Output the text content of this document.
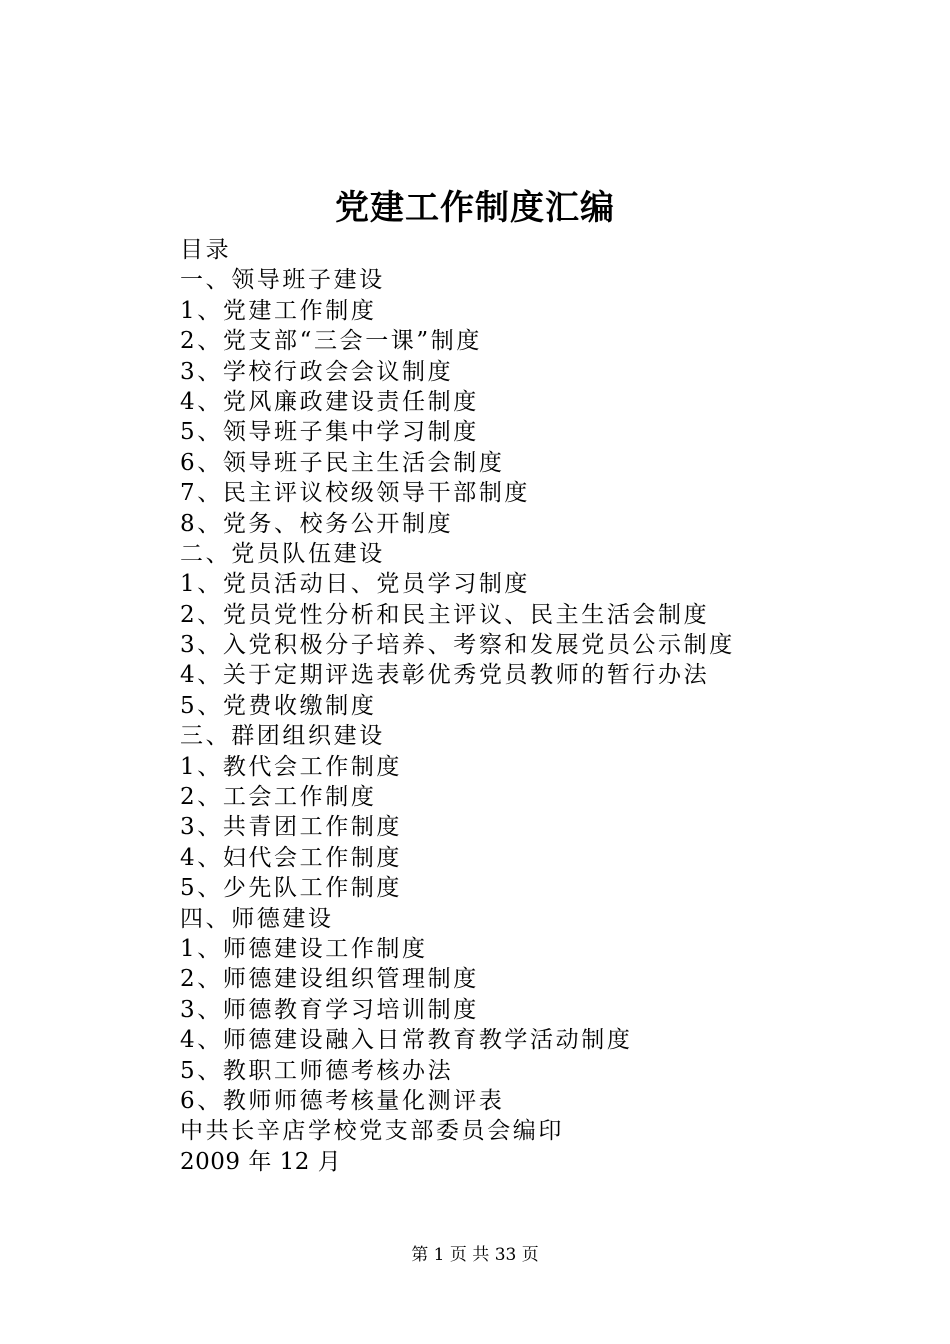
党建工作制度汇编
目录
一、领导班子建设
1、党建工作制度
2、党支部“三会一课”制度
3、学校行政会会议制度
4、党风廉政建设责任制度
5、领导班子集中学习制度
6、领导班子民主生活会制度
7、民主评议校级领导干部制度
8、党务、校务公开制度
二、党员队伍建设
1、党员活动日、党员学习制度
2、党员党性分析和民主评议、民主生活会制度
3、入党积极分子培养、考察和发展党员公示制度
4、关于定期评选表彰优秀党员教师的暂行办法
5、党费收缴制度
三、群团组织建设
1、教代会工作制度
2、工会工作制度
3、共青团工作制度
4、妇代会工作制度
5、少先队工作制度
四、师德建设
1、师德建设工作制度
2、师德建设组织管理制度
3、师德教育学习培训制度
4、师德建设融入日常教育教学活动制度
5、教职工师德考核办法
6、教师师德考核量化测评表
中共长辛店学校党支部委员会编印
2009 年 12 月
第 1 页 共 33 页
